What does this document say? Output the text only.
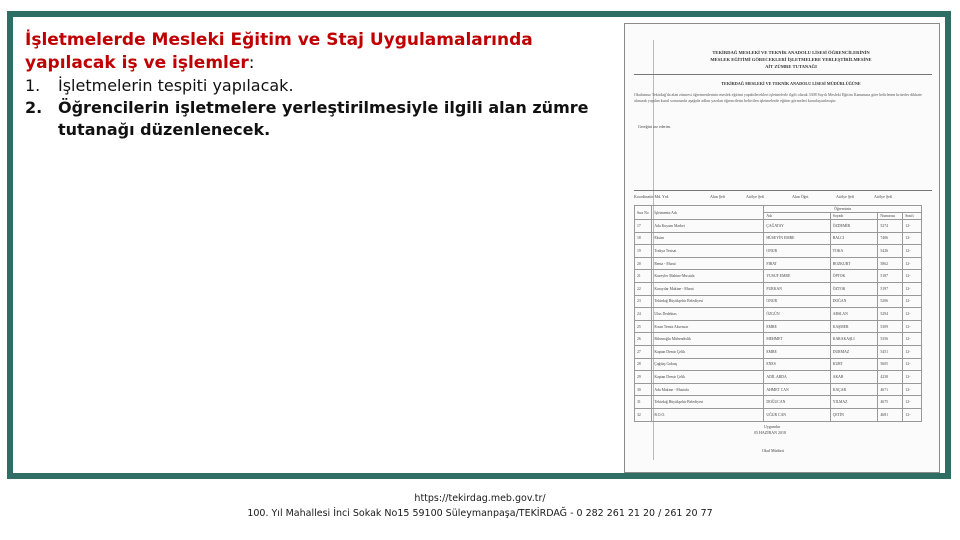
İşletmelerde Mesleki Eğitim ve Staj Uygulamalarında yapılacak iş ve işlemler:
1.	İşletmelerin tespiti yapılacak.
2. Öğrencilerin işletmelere yerleştirilmesiyle ilgili alan zümre tutanağı düzenlenecek.
TEKİRDAĞ MESLEKİ VE TEKNİK ANADOLU LİSESİ ÖĞRENCİLERİNİN
MESLEK EĞİTİMİ GÖRECEKLERİ İŞLETMELERE YERLEŞTİRİLMESİNE
AİT ZÜMRE TUTANAĞI
TEKİRDAĞ MESLEKİ VE TEKNİK ANADOLU LİSESİ MÜDÜRLÜĞÜNE
Okulumuz Tekirdağ'da alan zümresi öğretmenlerinin meslek eğitimi yapabilecekleri işletmelerle ilgili olarak 3308 Sayılı Mesleki Eğitim Kanununa göre belirlenen kriterler dikkate alınarak yapılan kurul sonucunda aşağıda adları yazılan öğrencilerin belirtilen işletmelerde eğitim görmeleri kararlaştırılmıştır.
Gereğini arz ederim.
Koordinatör Md. Yrd.	Alan Şefi	Atölye Şefi	Alan Öğrt.	Atölye Şefi	Atölye Şefi
Sıra No	İşletmenin Adı	Öğrencinin			
		Adı	Soyadı	Numarası	Sınıfı
17	Ada Kuyum Market	ÇAĞATAY	ÖZDEMİR	5274	12-
18	Eksim	HÜSEYİN EMRE	BALCI	7406	12-
19	Trakya Tesisat	ONUR	TOKA	5426	12-
20	Renta - Murat	FIRAT	BOZKURT	5862	12-
21	Kuzeyler Makine-Mustafa	YUSUF EMRE	ÖPTOK	5187	12-
22	Karayılar Makine - Murat	FURKAN	ÖZTOK	5197	12-
23	Tekirdağ Büyükşehir Belediyesi	ONUR	DOĞAN	5206	12-
24	Ulus Dedektas	ÖZGÜN	ARSLAN	5294	12-
25	Ersan Temiz Aksesuar	EMRE	KAŞMER	5309	12-
26	Bilsenoğlu Mühendislik	MEHMET	KARAKAŞLI	5356	12-
27	Kaptan Demir Çelik	EMRE	DURMAZ	5451	12-
28	Çağdaş Gıdaaş	ENES	KURT	5605	12-
29	Kaptan Demir Çelik	ADİL ARDA	AKAR	4238	12-
30	Ada Makine - Mustafa	AHMET CAN	KAÇAR	4671	12-
31	Tekirdağ Büyükşehir Belediyesi	DOĞUCAN	YILMAZ	4675	12-
32	B.O.O.	UĞUR CAN	ÇETİN	4681	12-
Uygundur
05 HAZİRAN 2018
Okul Müdürü
https://tekirdag.meb.gov.tr/
100. Yıl Mahallesi İnci Sokak No15 59100 Süleymanpaşa/TEKİRDAĞ - 0 282 261 21 20 / 261 20 77
